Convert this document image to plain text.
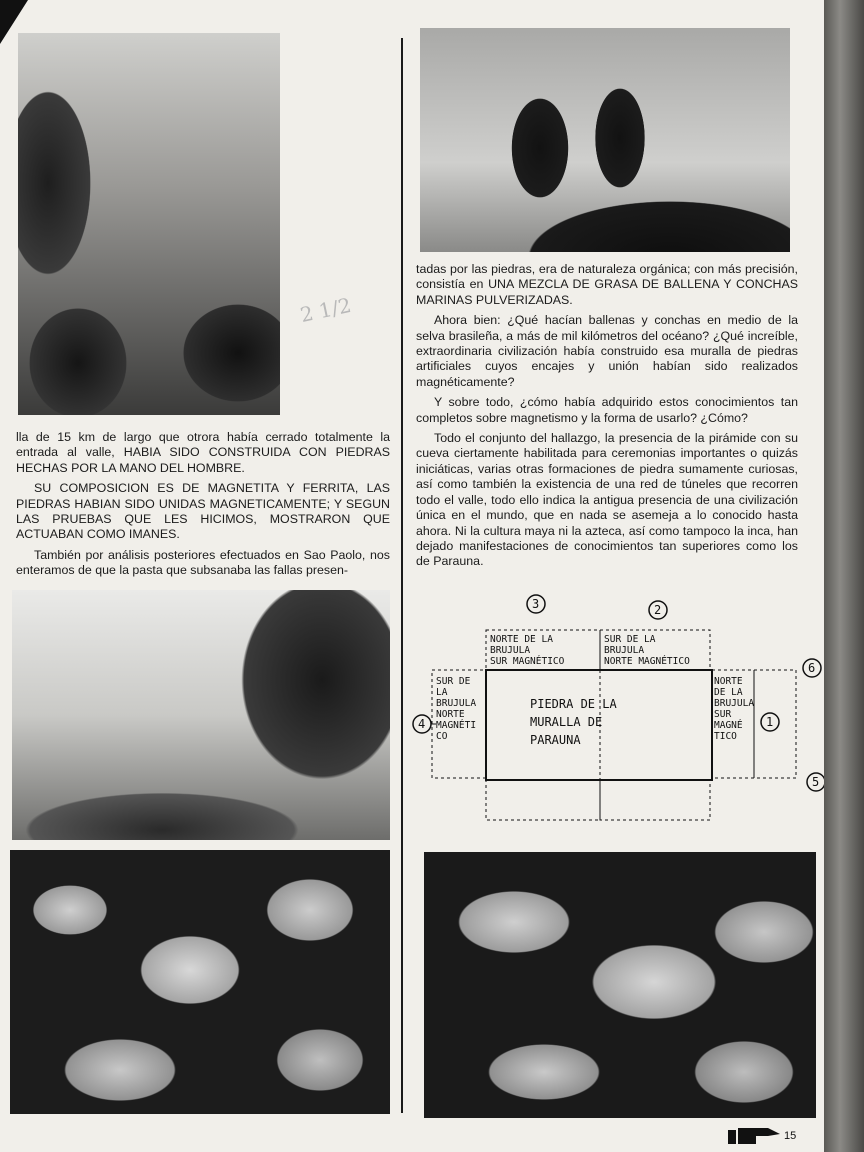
2 1/2

lla de 15 km de largo que otrora había cerrado totalmente la entrada al valle, HABIA SIDO CONSTRUIDA CON PIEDRAS HECHAS POR LA MANO DEL HOMBRE.

SU COMPOSICION ES DE MAGNETITA Y FERRITA, LAS PIEDRAS HABIAN SIDO UNIDAS MAGNETICAMENTE; Y SEGUN LAS PRUEBAS QUE LES HICIMOS, MOSTRARON QUE ACTUABAN COMO IMANES.

También por análisis posteriores efectuados en Sao Paolo, nos enteramos de que la pasta que subsanaba las fallas presen-

tadas por las piedras, era de naturaleza orgánica; con más precisión, consistía en UNA MEZCLA DE GRASA DE BALLENA Y CONCHAS MARINAS PULVERIZADAS.

Ahora bien: ¿Qué hacían ballenas y conchas en medio de la selva brasileña, a más de mil kilómetros del océano? ¿Qué increíble, extraordinaria civilización había construido esa muralla de piedras artificiales cuyos encajes y unión habían sido realizados magnéticamente?

Y sobre todo, ¿cómo había adquirido estos conocimientos tan completos sobre magnetismo y la forma de usarlo? ¿Cómo?

Todo el conjunto del hallazgo, la presencia de la pirámide con su cueva ciertamente habilitada para ceremonias importantes o quizás iniciáticas, varias otras formaciones de piedra sumamente curiosas, así como también la existencia de una red de túneles que recorren todo el valle, todo ello indica la antigua presencia de una civilización única en el mundo, que en nada se asemeja a lo conocido hasta ahora. Ni la cultura maya ni la azteca, así como tampoco la inca, han dejado manifestaciones de conocimientos tan superiores como los de Parauna.

PIEDRA DE LA
MURALLA DE
PARAUNA
NORTE DE LA
BRUJULA
SUR MAGNÉTICO
SUR DE LA
BRUJULA
NORTE MAGNÉTICO
SUR DE
LA
BRUJULA
NORTE
MAGNÉTI
CO
NORTE
DE LA
BRUJULA
SUR
MAGNÉ
TICO
3	2
6
4	1
5
15
